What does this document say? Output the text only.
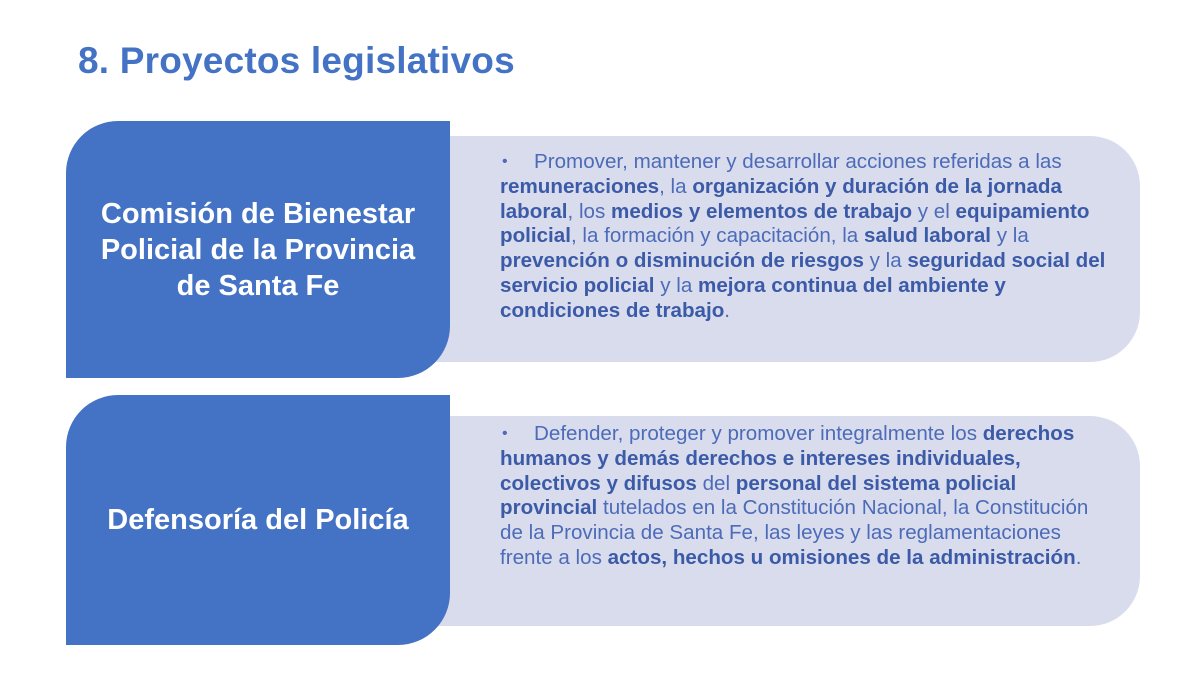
8. Proyectos legislativos

• Promover, mantener y desarrollar acciones referidas a las remuneraciones, la organización y duración de la jornada laboral, los medios y elementos de trabajo y el equipamiento policial, la formación y capacitación, la salud laboral y la prevención o disminución de riesgos y la seguridad social del servicio policial y la mejora continua del ambiente y condiciones de trabajo.

Comisión de Bienestar Policial de la Provincia de Santa Fe

• Defender, proteger y promover integralmente los derechos humanos y demás derechos e intereses individuales, colectivos y difusos del personal del sistema policial provincial tutelados en la Constitución Nacional, la Constitución de la Provincia de Santa Fe, las leyes y las reglamentaciones frente a los actos, hechos u omisiones de la administración.

Defensoría del Policía
